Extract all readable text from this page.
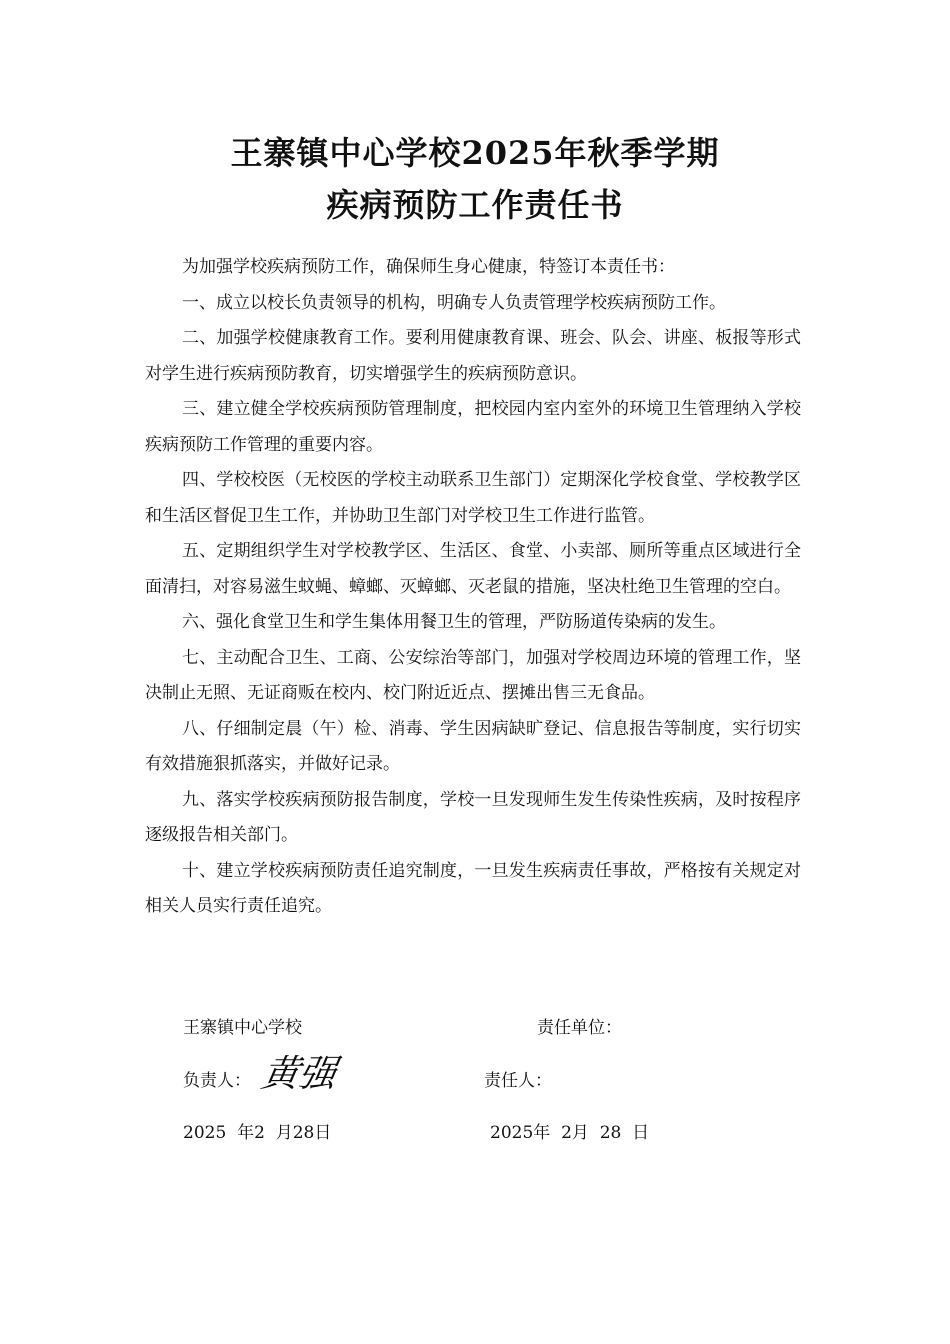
王寨镇中心学校2025年秋季学期
疾病预防工作责任书

为加强学校疾病预防工作，确保师生身心健康，特签订本责任书：

一、成立以校长负责领导的机构，明确专人负责管理学校疾病预防工作。

二、加强学校健康教育工作。要利用健康教育课、班会、队会、讲座、板报等形式对学生进行疾病预防教育，切实增强学生的疾病预防意识。

三、建立健全学校疾病预防管理制度，把校园内室内室外的环境卫生管理纳入学校疾病预防工作管理的重要内容。

四、学校校医（无校医的学校主动联系卫生部门）定期深化学校食堂、学校教学区和生活区督促卫生工作，并协助卫生部门对学校卫生工作进行监管。

五、定期组织学生对学校教学区、生活区、食堂、小卖部、厕所等重点区域进行全面清扫，对容易滋生蚊蝇、蟑螂、灭蟑螂、灭老鼠的措施，坚决杜绝卫生管理的空白。

六、强化食堂卫生和学生集体用餐卫生的管理，严防肠道传染病的发生。

七、主动配合卫生、工商、公安综治等部门，加强对学校周边环境的管理工作，坚决制止无照、无证商贩在校内、校门附近近点、摆摊出售三无食品。

八、仔细制定晨（午）检、消毒、学生因病缺旷登记、信息报告等制度，实行切实有效措施狠抓落实，并做好记录。

九、落实学校疾病预防报告制度，学校一旦发现师生发生传染性疾病，及时按程序逐级报告相关部门。

十、建立学校疾病预防责任追究制度，一旦发生疾病责任事故，严格按有关规定对相关人员实行责任追究。

王寨镇中心学校	责任单位：
负责人： 黄强	责任人：
2025  年2  月28日	2025年  2月  28  日
